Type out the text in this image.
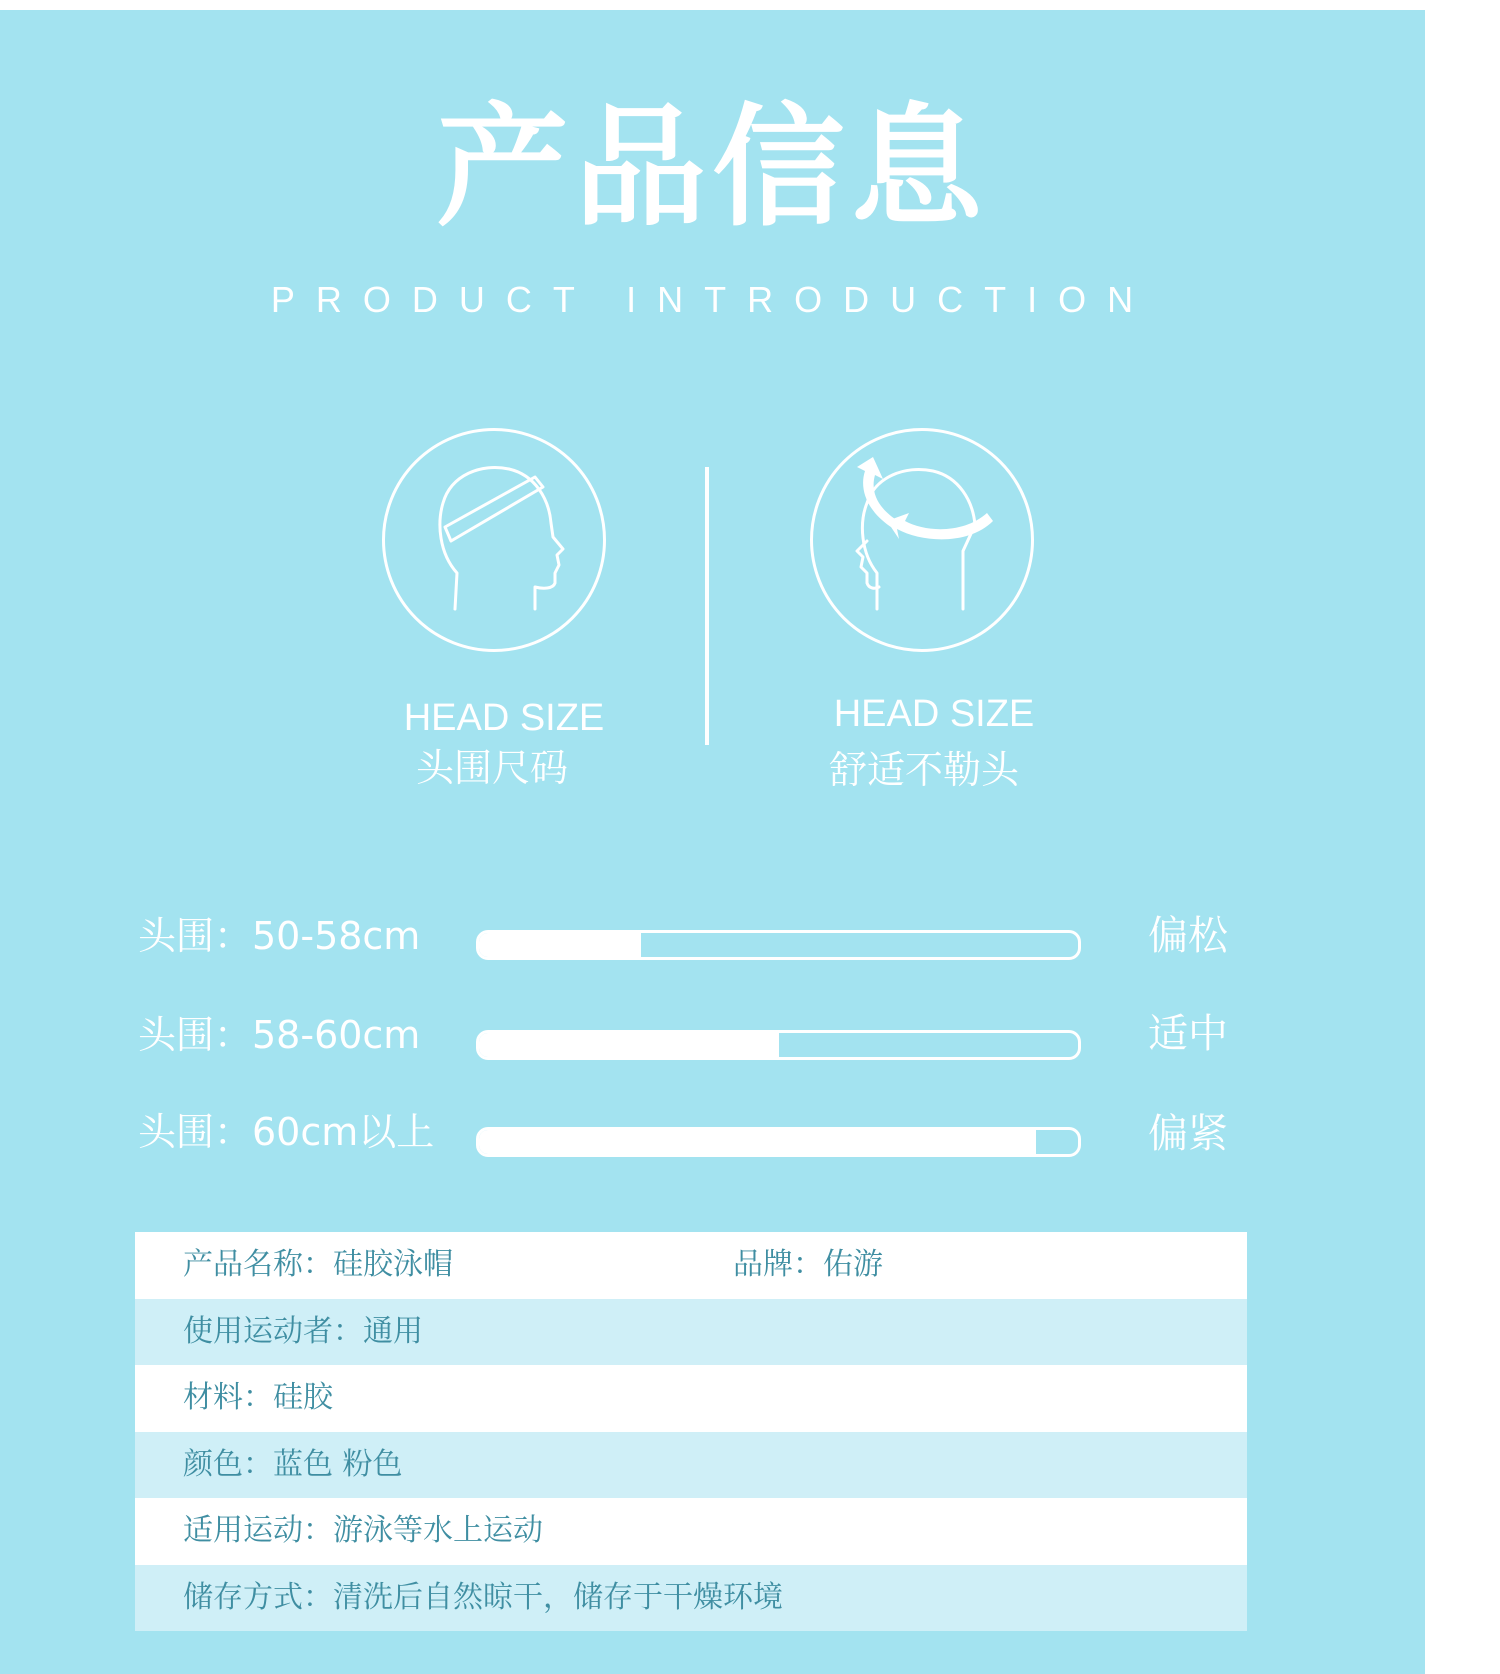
产品信息
PRODUCT INTRODUCTION
HEAD SIZE
头围尺码
HEAD SIZE
舒适不勒头
头围：50-58cm	偏松
头围：58-60cm	适中
头围：60cm以上	偏紧
产品名称：硅胶泳帽	品牌：佑游
使用运动者：通用
材料：硅胶
颜色：蓝色 粉色
适用运动：游泳等水上运动
储存方式：清洗后自然晾干，储存于干燥环境
